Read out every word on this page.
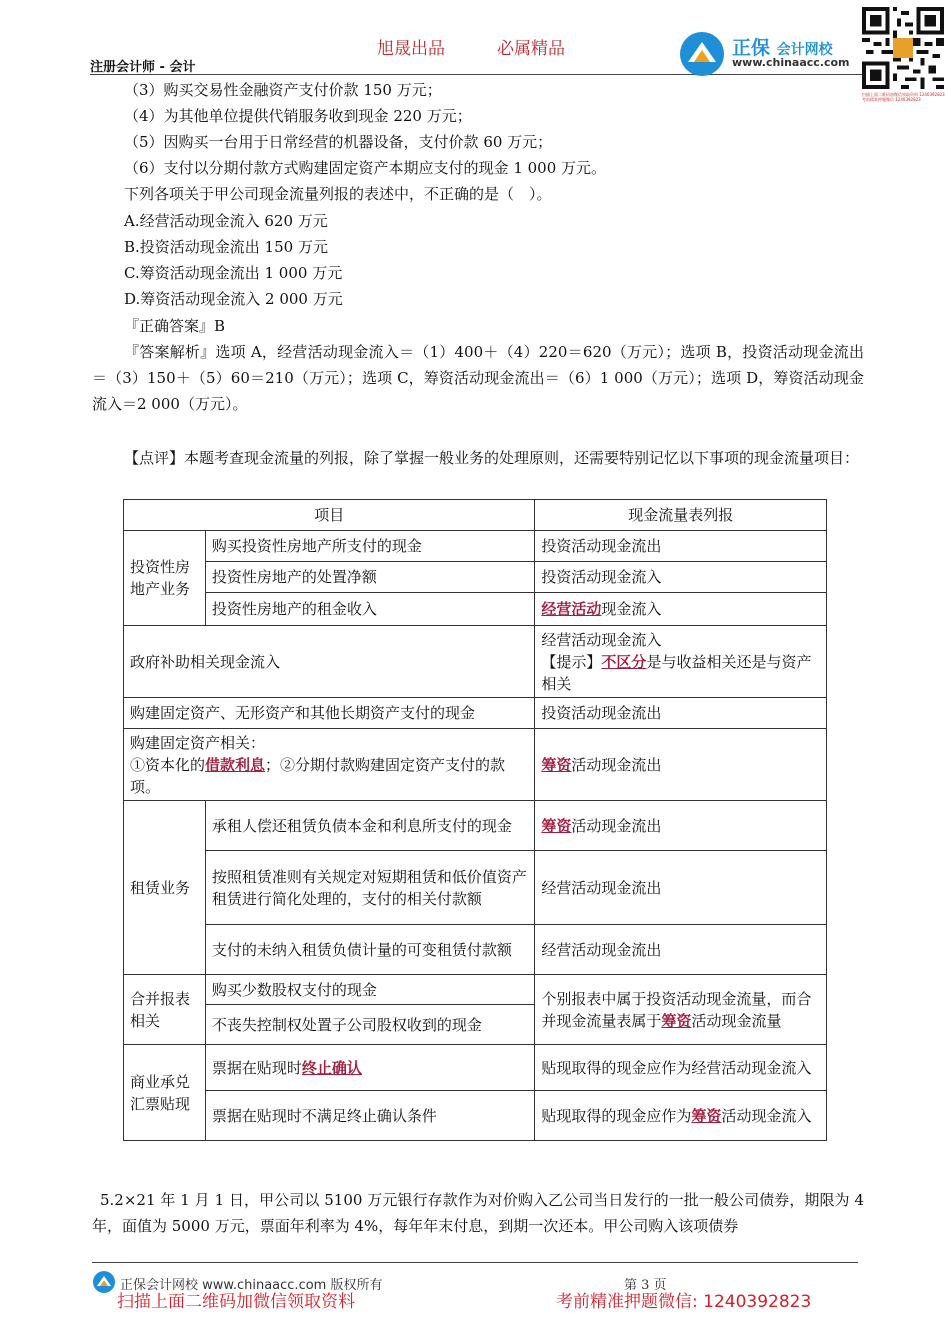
旭晟出品	必属精品
注册会计师 - 会计
正保 会计网校
www.chinaacc.com
扫描上面二维码加微信领取资料 1240392823 考前精准押题微信 1240392823
（3）购买交易性金融资产支付价款 150 万元；
（4）为其他单位提供代销服务收到现金 220 万元；
（5）因购买一台用于日常经营的机器设备，支付价款 60 万元；
（6）支付以分期付款方式购建固定资产本期应支付的现金 1 000 万元。
下列各项关于甲公司现金流量列报的表述中，不正确的是（　）。
A.经营活动现金流入 620 万元
B.投资活动现金流出 150 万元
C.筹资活动现金流出 1 000 万元
D.筹资活动现金流入 2 000 万元
『正确答案』B
『答案解析』选项 A，经营活动现金流入＝（1）400＋（4）220＝620（万元）；选项 B，投资活动现金流出＝（3）150＋（5）60＝210（万元）；选项 C，筹资活动现金流出＝（6）1 000（万元）；选项 D，筹资活动现金流入＝2 000（万元）。
【点评】本题考查现金流量的列报，除了掌握一般业务的处理原则，还需要特别记忆以下事项的现金流量项目：
项目		现金流量表列报
投资性房地产业务	购买投资性房地产所支付的现金	投资活动现金流出
	投资性房地产的处置净额	投资活动现金流入
	投资性房地产的租金收入	经营活动现金流入
政府补助相关现金流入		经营活动现金流入
【提示】不区分是与收益相关还是与资产相关
购建固定资产、无形资产和其他长期资产支付的现金		投资活动现金流出

购建固定资产相关：
①资本化的借款利息；②分期付款购建固定资产支付的款项。		筹资活动现金流出
租赁业务	承租人偿还租赁负债本金和利息所支付的现金	筹资活动现金流出
	按照租赁准则有关规定对短期租赁和低价值资产租赁进行简化处理的，支付的相关付款额	经营活动现金流出
	支付的未纳入租赁负债计量的可变租赁付款额	经营活动现金流出
合并报表相关	购买少数股权支付的现金	个别报表中属于投资活动现金流量，而合并现金流量表属于筹资活动现金流量
	不丧失控制权处置子公司股权收到的现金	
商业承兑汇票贴现	票据在贴现时终止确认	贴现取得的现金应作为经营活动现金流入
	票据在贴现时不满足终止确认条件	贴现取得的现金应作为筹资活动现金流入
5.2×21 年 1 月 1 日，甲公司以 5100 万元银行存款作为对价购入乙公司当日发行的一批一般公司债券，期限为 4 年，面值为 5000 万元，票面年利率为 4%，每年年末付息，到期一次还本。甲公司购入该项债券
正保会计网校 www.chinaacc.com 版权所有	第 3 页
扫描上面二维码加微信领取资料	考前精准押题微信: 1240392823
